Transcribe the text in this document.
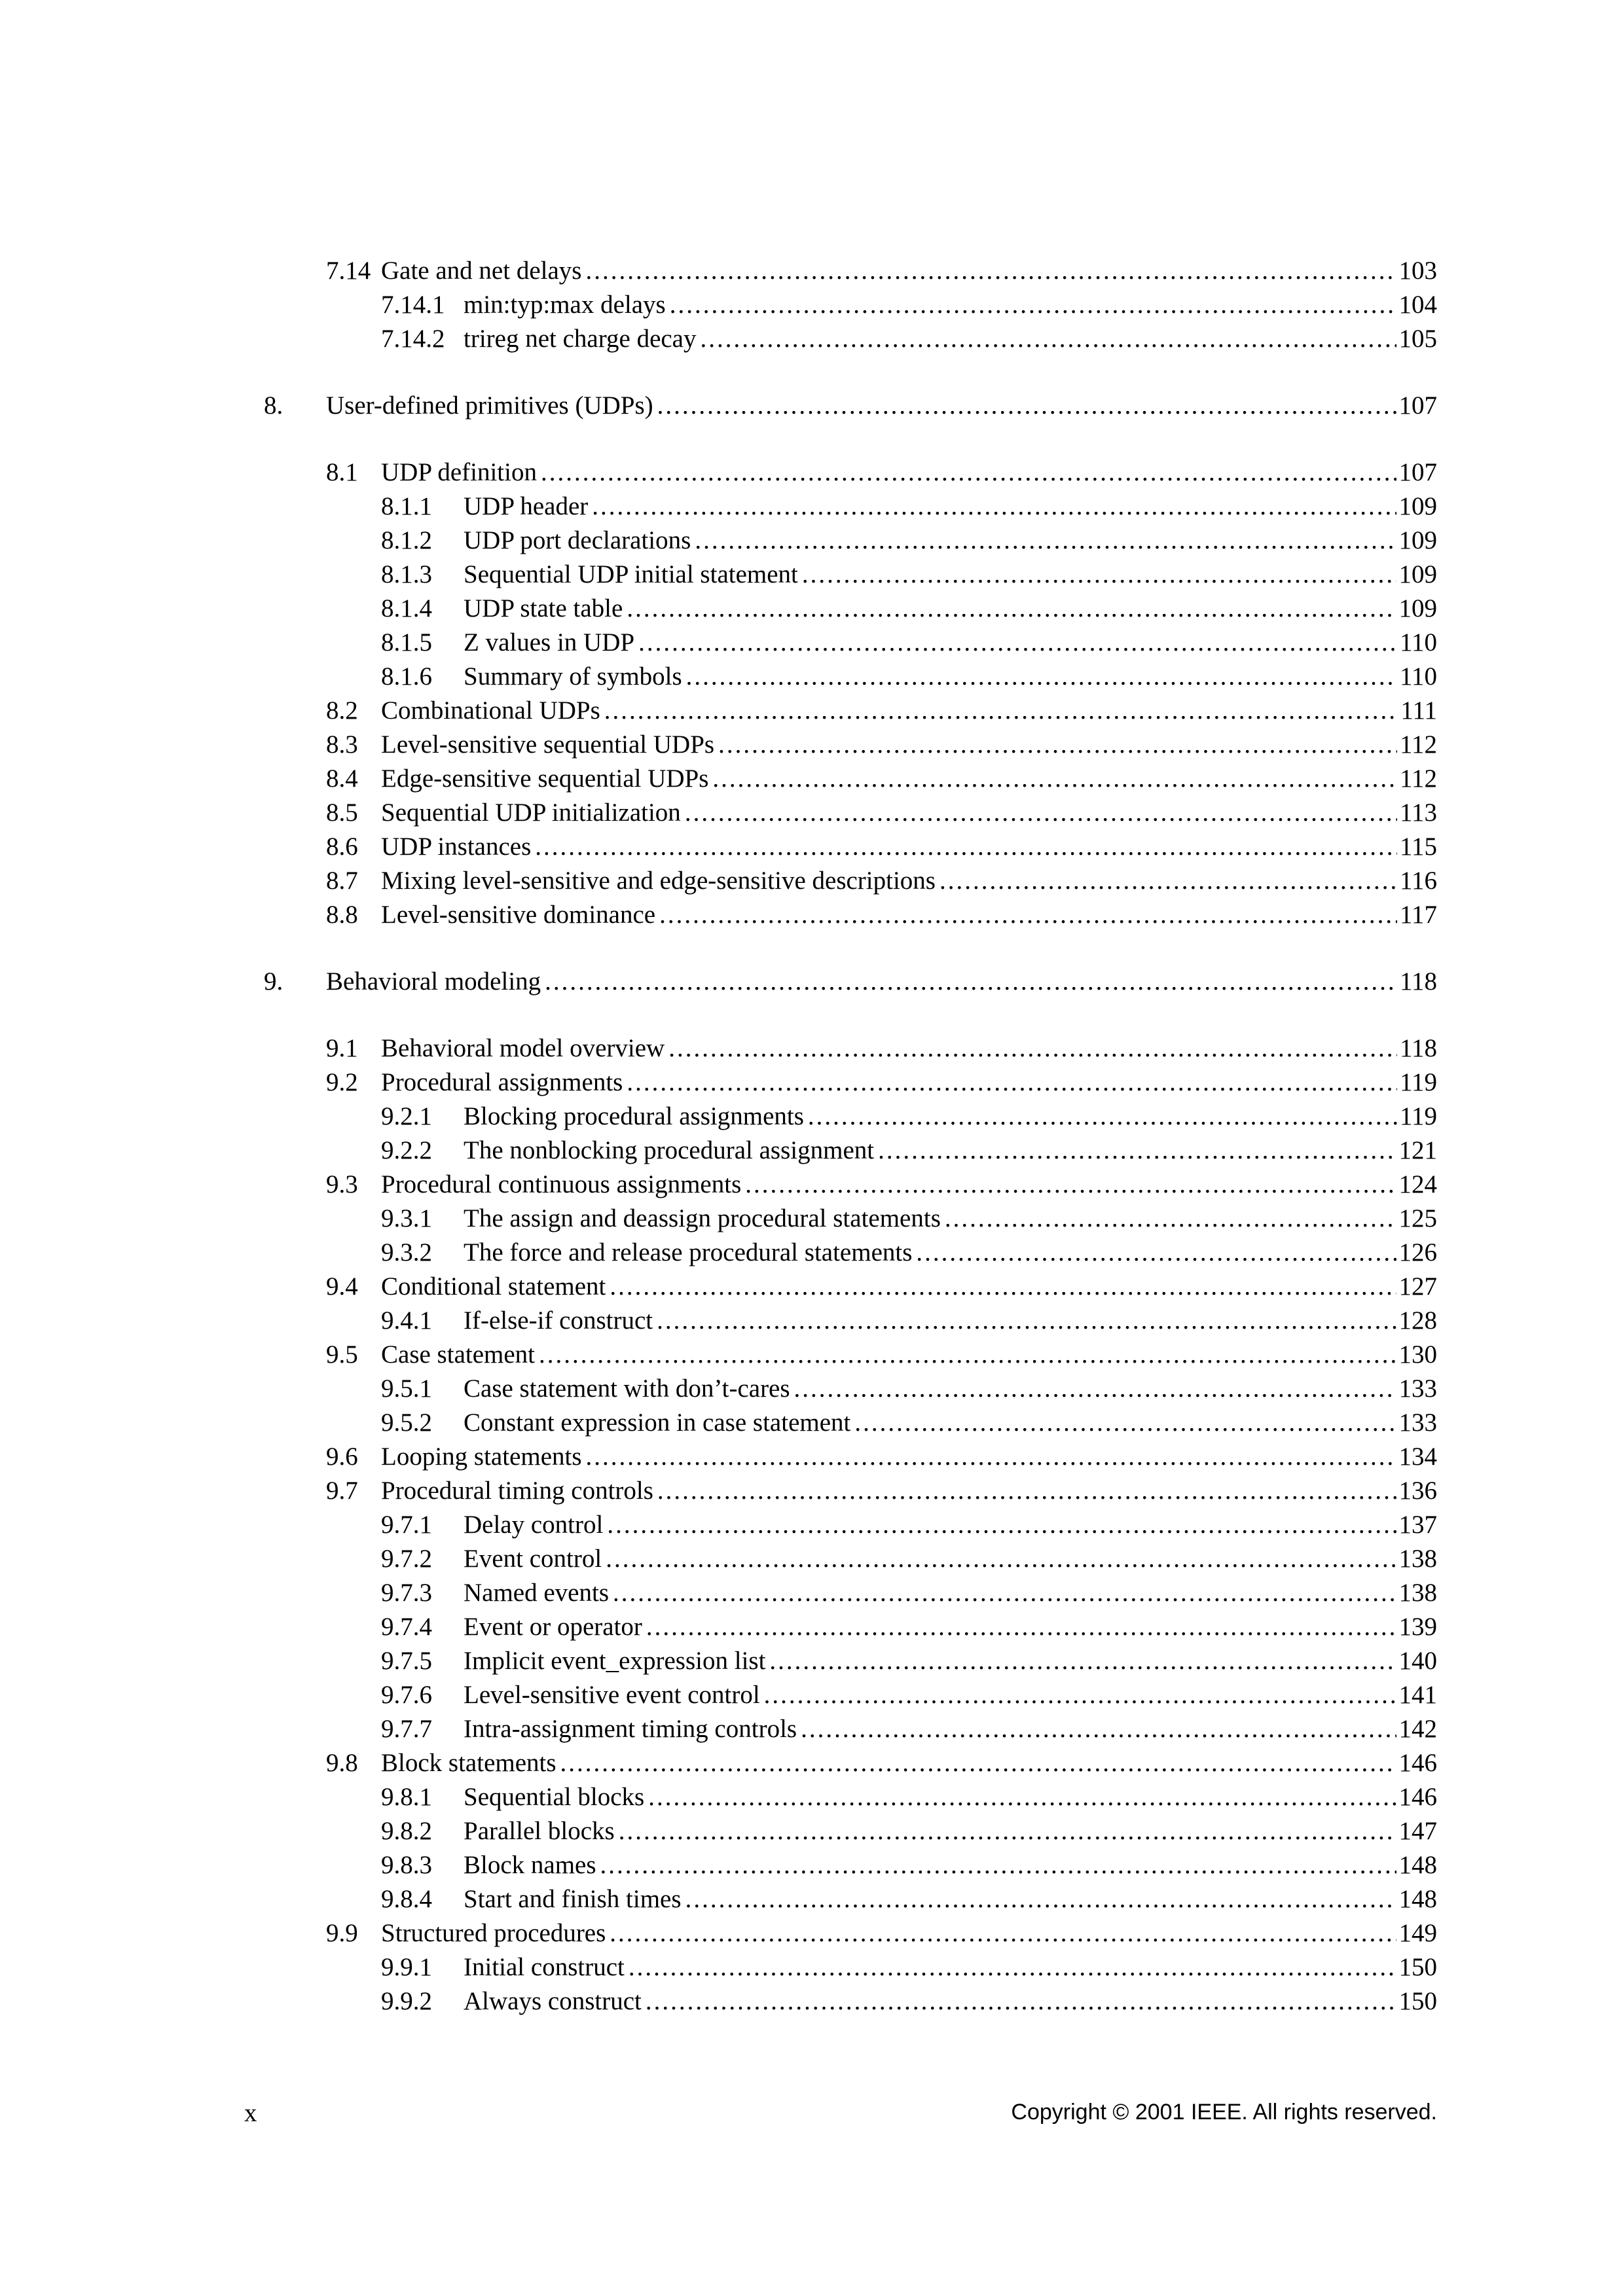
7.14 Gate and net delays .....	103
7.14.1 min:typ:max delays .....	104
7.14.2 trireg net charge decay .....	105
8.	User-defined primitives (UDPs) .....	107
8.1 UDP definition .....	107
8.1.1	UDP header .....	109
8.1.2	UDP port declarations .....	109
8.1.3	Sequential UDP initial statement .....	109
8.1.4	UDP state table .....	109
8.1.5	Z values in UDP .....	110
8.1.6	Summary of symbols .....	110
8.2 Combinational UDPs .....	111
8.3 Level-sensitive sequential UDPs .....	112
8.4 Edge-sensitive sequential UDPs .....	112
8.5 Sequential UDP initialization .....	113
8.6 UDP instances .....	115
8.7 Mixing level-sensitive and edge-sensitive descriptions .....	116
8.8 Level-sensitive dominance .....	117
9.	Behavioral modeling .....	118
9.1 Behavioral model overview .....	118
9.2 Procedural assignments .....	119
9.2.1	Blocking procedural assignments .....	119
9.2.2	The nonblocking procedural assignment .....	121
9.3 Procedural continuous assignments .....	124
9.3.1	The assign and deassign procedural statements .....	125
9.3.2	The force and release procedural statements .....	126
9.4 Conditional statement .....	127
9.4.1	If-else-if construct .....	128
9.5 Case statement .....	130
9.5.1	Case statement with don’t-cares .....	133
9.5.2	Constant expression in case statement .....	133
9.6 Looping statements .....	134
9.7 Procedural timing controls .....	136
9.7.1	Delay control .....	137
9.7.2	Event control .....	138
9.7.3	Named events .....	138
9.7.4	Event or operator .....	139
9.7.5	Implicit event_expression list .....	140
9.7.6	Level-sensitive event control .....	141
9.7.7	Intra-assignment timing controls .....	142
9.8 Block statements .....	146
9.8.1	Sequential blocks .....	146
9.8.2	Parallel blocks .....	147
9.8.3	Block names .....	148
9.8.4	Start and finish times .....	148
9.9 Structured procedures .....	149
9.9.1	Initial construct .....	150
9.9.2	Always construct .....	150
x	Copyright © 2001 IEEE. All rights reserved.
